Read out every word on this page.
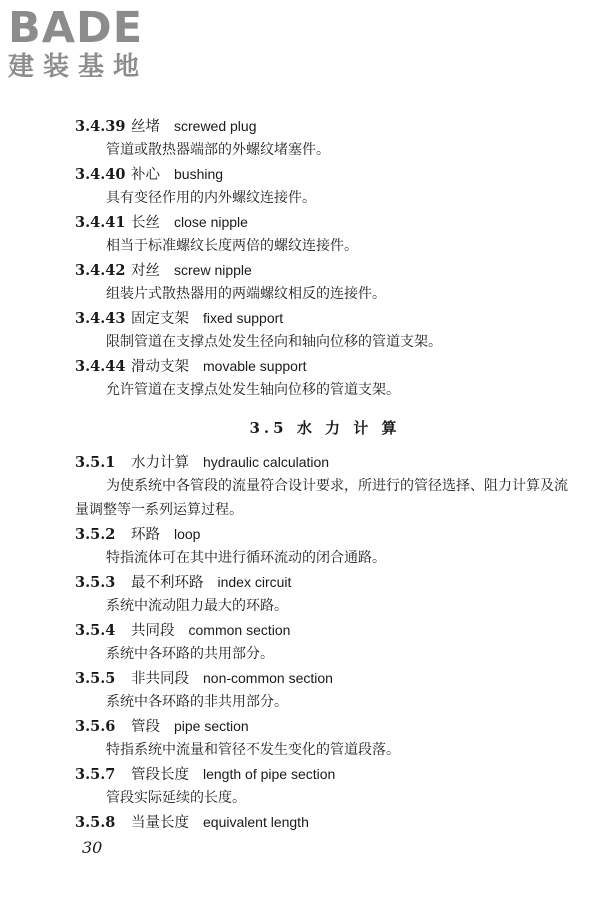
BADE
建装基地
3.4.39 丝堵 screwed plug
管道或散热器端部的外螺纹堵塞件。
3.4.40 补心 bushing
具有变径作用的内外螺纹连接件。
3.4.41 长丝 close nipple
相当于标准螺纹长度两倍的螺纹连接件。
3.4.42 对丝 screw nipple
组装片式散热器用的两端螺纹相反的连接件。
3.4.43 固定支架 fixed support
限制管道在支撑点处发生径向和轴向位移的管道支架。
3.4.44 滑动支架 movable support
允许管道在支撑点处发生轴向位移的管道支架。
3.5 水 力 计 算
3.5.1 水力计算 hydraulic calculation
为使系统中各管段的流量符合设计要求，所进行的管径选择、阻力计算及流量调整等一系列运算过程。
3.5.2 环路 loop
特指流体可在其中进行循环流动的闭合通路。
3.5.3 最不利环路 index circuit
系统中流动阻力最大的环路。
3.5.4 共同段 common section
系统中各环路的共用部分。
3.5.5 非共同段 non-common section
系统中各环路的非共用部分。
3.5.6 管段 pipe section
特指系统中流量和管径不发生变化的管道段落。
3.5.7 管段长度 length of pipe section
管段实际延续的长度。
3.5.8 当量长度 equivalent length
30
